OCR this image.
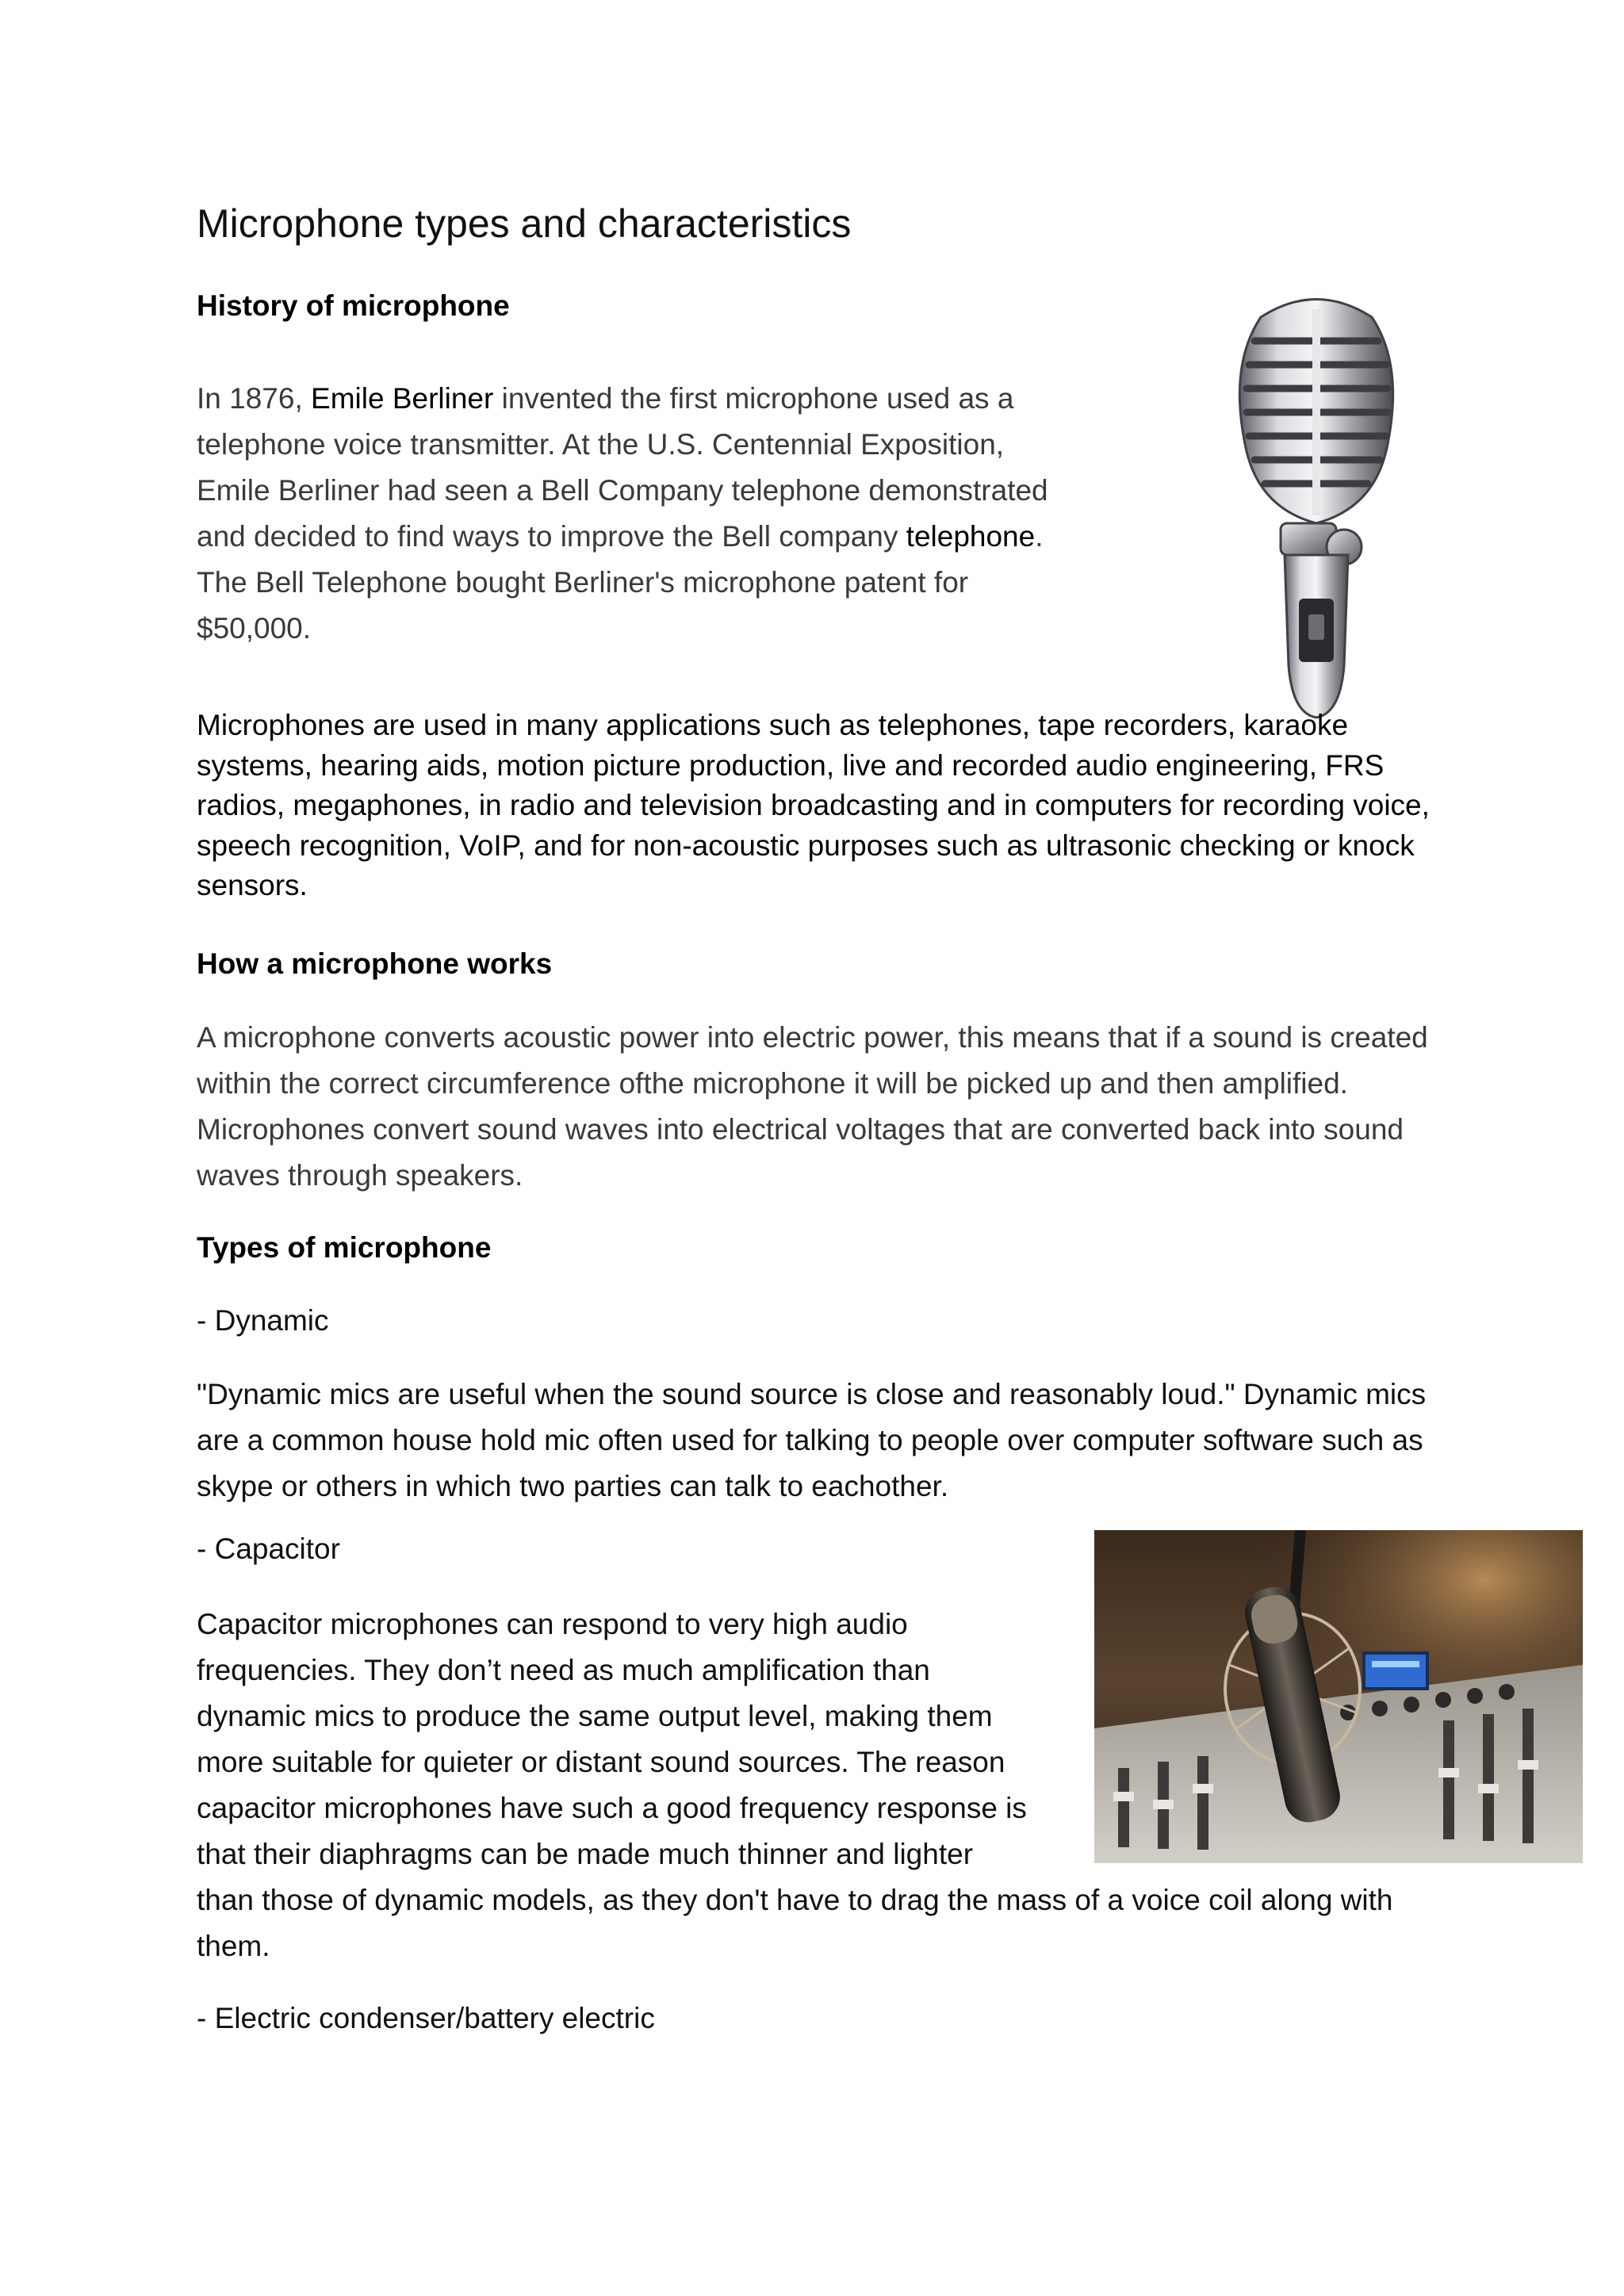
Microphone types and characteristics
History of microphone

In 1876, Emile Berliner invented the first microphone used as a telephone voice transmitter. At the U.S. Centennial Exposition, Emile Berliner had seen a Bell Company telephone demonstrated and decided to find ways to improve the Bell company telephone. The Bell Telephone bought Berliner's microphone patent for $50,000.

Microphones are used in many applications such as telephones, tape recorders, karaoke systems, hearing aids, motion picture production, live and recorded audio engineering, FRS radios, megaphones, in radio and television broadcasting and in computers for recording voice, speech recognition, VoIP, and for non-acoustic purposes such as ultrasonic checking or knock sensors.

How a microphone works

A microphone converts acoustic power into electric power, this means that if a sound is created within the correct circumference ofthe microphone it will be picked up and then amplified. Microphones convert sound waves into electrical voltages that are converted back into sound waves through speakers.

Types of microphone
- Dynamic

"Dynamic mics are useful when the sound source is close and reasonably loud." Dynamic mics are a common house hold mic often used for talking to people over computer software such as skype or others in which two parties can talk to eachother.

- Capacitor
Capacitor microphones can respond to very high audio
frequencies. They don’t need as much amplification than
dynamic mics to produce the same output level, making them
more suitable for quieter or distant sound sources. The reason
capacitor microphones have such a good frequency response is
that their diaphragms can be made much thinner and lighter
than those of dynamic models, as they don't have to drag the mass of a voice coil along with
them.
- Electric condenser/battery electric
